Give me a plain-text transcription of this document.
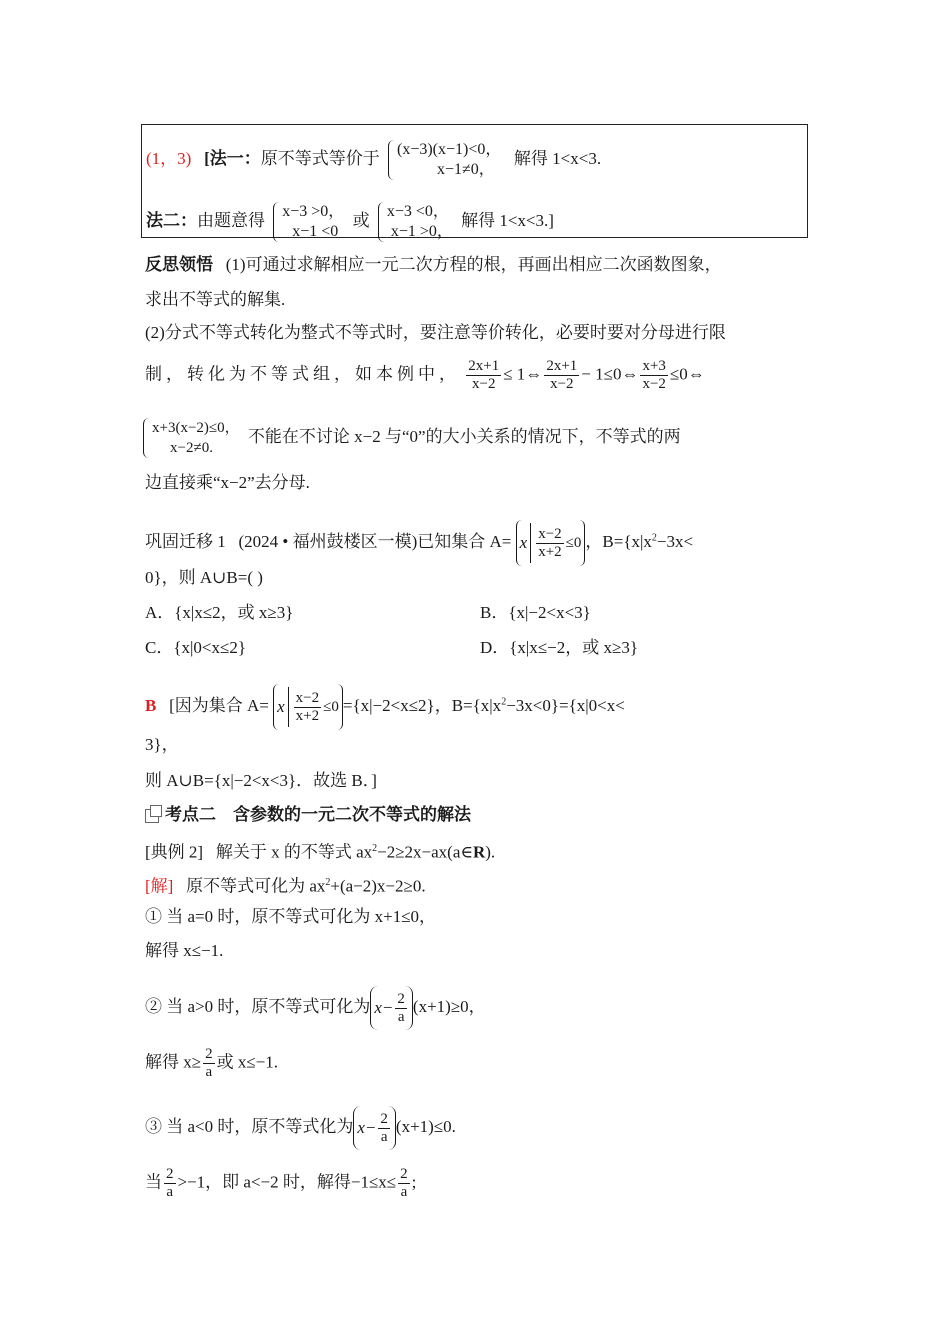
(1，3) [法一：原不等式等价于 (x−3)(x−1)<0，
x−1≠0，
解得 1<x<3.
法二：由题意得 x−3 >0，
x−1 <0
或 x−3 <0，
x−1 >0，
解得 1<x<3.]
反思领悟 (1)可通过求解相应一元二次方程的根，再画出相应二次函数图象，
求出不等式的解集.
(2)分式不等式转化为整式不等式时，要注意等价转化，必要时要对分母进行限
制，转化为不等式组，如本例中， $\frac{2x+1}{x-2}$ ≤ 1⇔ $\frac{2x+1}{x-2}$ − 1≤0⇔ $\frac{x+3}{x-2}$ ≤0⇔
x+3(x−2)≤0，
x−2≠0.
不能在不讨论 x−2 与“0”的大小关系的情况下，不等式的两
边直接乘“x−2”去分母.
巩固迁移 1 (2024 • 福州鼓楼区一模)已知集合 A= x $\frac{x-2}{x+2} \le 0$ ，$B=\{x|x^2-3x<$
0}，则 A∪B=( )
A．{x|x≤2，或 x≥3}	B．{x|−2<x<3}
C．{x|0<x≤2}	D．{x|x≤−2，或 x≥3}
B [因为集合 A= x $\frac{x-2}{x+2} \le 0 =\{x|-2<x\le 2\}$，$B=\{x|x^2-3x<0\}=\{x|0<x<$
3}，
则 A∪B={x|−2<x<3}．故选 B．]
考点二　含参数的一元二次不等式的解法
[典例 2] 解关于 x 的不等式 $ax^2-2\ge 2x-ax(a\in R)$.
[解] 原不等式可化为 $ax^2+(a-2)x-2\ge 0$.
① 当 a=0 时，原不等式可化为 x+1≤0，
解得 x≤−1.
② 当 a>0 时，原不等式可化为 $x- \frac{2}{a} (x+1)\ge 0$，
解得 $x\ge \frac{2}{a}$ 或 x≤−1.
③ 当 a<0 时，原不等式化为 $x- \frac{2}{a} (x+1)\le 0$.
当 $\frac{2}{a} >-1$，即 a<−2 时，解得$-1\le x\le \frac{2}{a}$ ;
